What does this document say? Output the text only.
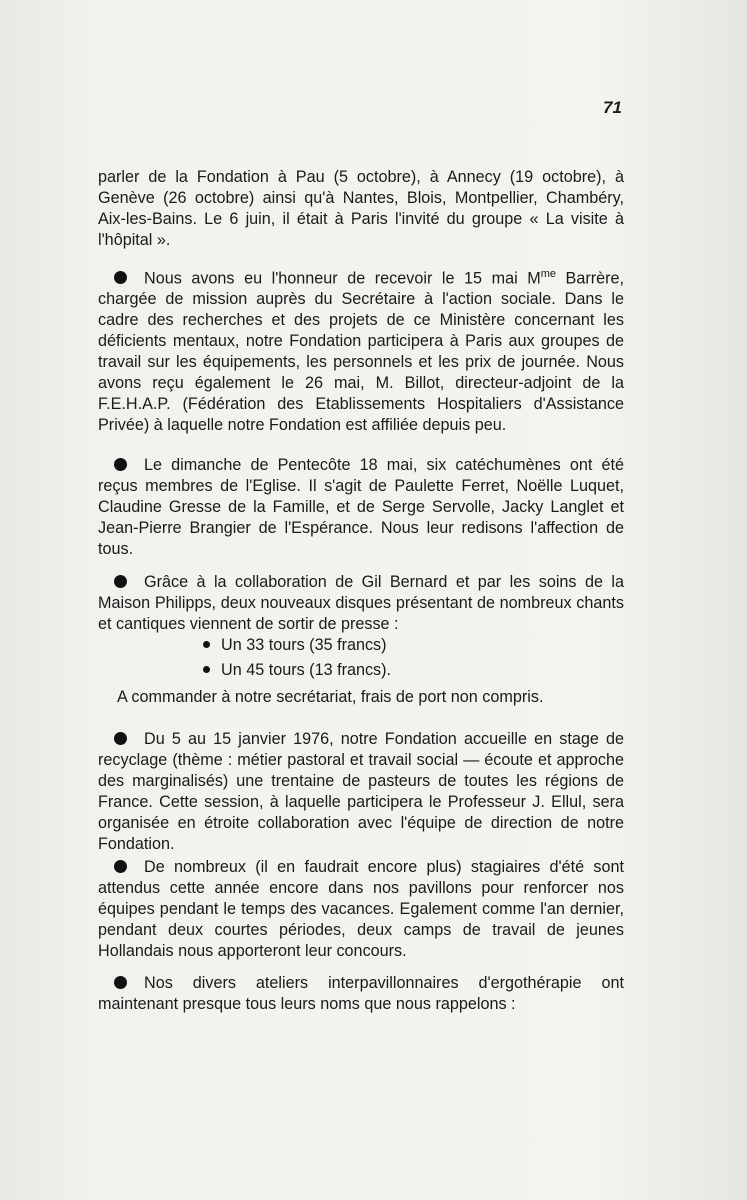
71

parler de la Fondation à Pau (5 octobre), à Annecy (19 octobre), à Genève (26 octobre) ainsi qu'à Nantes, Blois, Montpellier, Chambéry, Aix-les-Bains. Le 6 juin, il était à Paris l'invité du groupe « La visite à l'hôpital ».

Nous avons eu l'honneur de recevoir le 15 mai $M^{me}$ Barrère, chargée de mission auprès du Secrétaire à l'action sociale. Dans le cadre des recherches et des projets de ce Ministère concernant les déficients mentaux, notre Fondation participera à Paris aux groupes de travail sur les équipements, les personnels et les prix de journée. Nous avons reçu également le 26 mai, M. Billot, directeur-adjoint de la F.E.H.A.P. (Fédération des Etablissements Hospitaliers d'Assistance Privée) à laquelle notre Fondation est affiliée depuis peu.

Le dimanche de Pentecôte 18 mai, six catéchumènes ont été reçus membres de l'Eglise. Il s'agit de Paulette Ferret, Noëlle Luquet, Claudine Gresse de la Famille, et de Serge Servolle, Jacky Langlet et Jean-Pierre Brangier de l'Espérance. Nous leur redisons l'affection de tous.

Grâce à la collaboration de Gil Bernard et par les soins de la Maison Philipps, deux nouveaux disques présentant de nombreux chants et cantiques viennent de sortir de presse :

Un 33 tours (35 francs)
Un 45 tours (13 francs).
A commander à notre secrétariat, frais de port non compris.

Du 5 au 15 janvier 1976, notre Fondation accueille en stage de recyclage (thème : métier pastoral et travail social — écoute et approche des marginalisés) une trentaine de pasteurs de toutes les régions de France. Cette session, à laquelle participera le Professeur J. Ellul, sera organisée en étroite collaboration avec l'équipe de direction de notre Fondation.

De nombreux (il en faudrait encore plus) stagiaires d'été sont attendus cette année encore dans nos pavillons pour renforcer nos équipes pendant le temps des vacances. Egalement comme l'an dernier, pendant deux courtes périodes, deux camps de travail de jeunes Hollandais nous apporteront leur concours.

Nos divers ateliers interpavillonnaires d'ergothérapie ont maintenant presque tous leurs noms que nous rappelons :
